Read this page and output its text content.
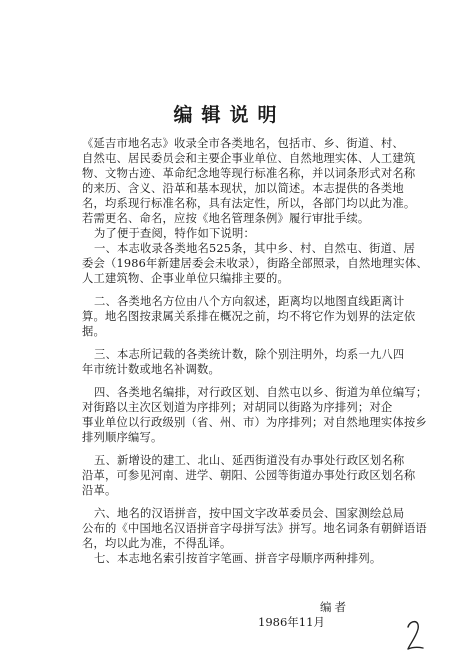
编辑说明
《延吉市地名志》收录全市各类地名，包括市、乡、街道、村、
自然屯、居民委员会和主要企事业单位、自然地理实体、人工建筑
物、文物古迹、革命纪念地等现行标准名称，并以词条形式对名称
的来历、含义、沿革和基本现状，加以简述。本志提供的各类地
名，均系现行标准名称，具有法定性，所以，各部门均以此为准。
若需更名、命名，应按《地名管理条例》履行审批手续。
为了便于查阅，特作如下说明：
一、本志收录各类地名525条，其中乡、村、自然屯、街道、居
委会（1986年新建居委会未收录），街路全部照录，自然地理实体、
人工建筑物、企事业单位只编排主要的。
二、各类地名方位由八个方向叙述，距离均以地图直线距离计
算。地名图按隶属关系排在概况之前，均不将它作为划界的法定依
据。
三、本志所记载的各类统计数，除个别注明外，均系一九八四
年市统计数或地名补调数。
四、各类地名编排，对行政区划、自然屯以乡、街道为单位编写；
对街路以主次区划道为序排列；对胡同以街路为序排列；对企
事业单位以行政级别（省、州、市）为序排列；对自然地理实体按乡
排列顺序编写。
五、新增设的建工、北山、延西街道没有办事处行政区划名称
沿革，可参见河南、进学、朝阳、公园等街道办事处行政区划名称
沿革。
六、地名的汉语拼音，按中国文字改革委员会、国家测绘总局
公布的《中国地名汉语拼音字母拼写法》拼写。地名词条有朝鲜语语
名，均以此为准，不得乱译。
七、本志地名索引按首字笔画、拼音字母顺序两种排列。
编者
1986年11月
